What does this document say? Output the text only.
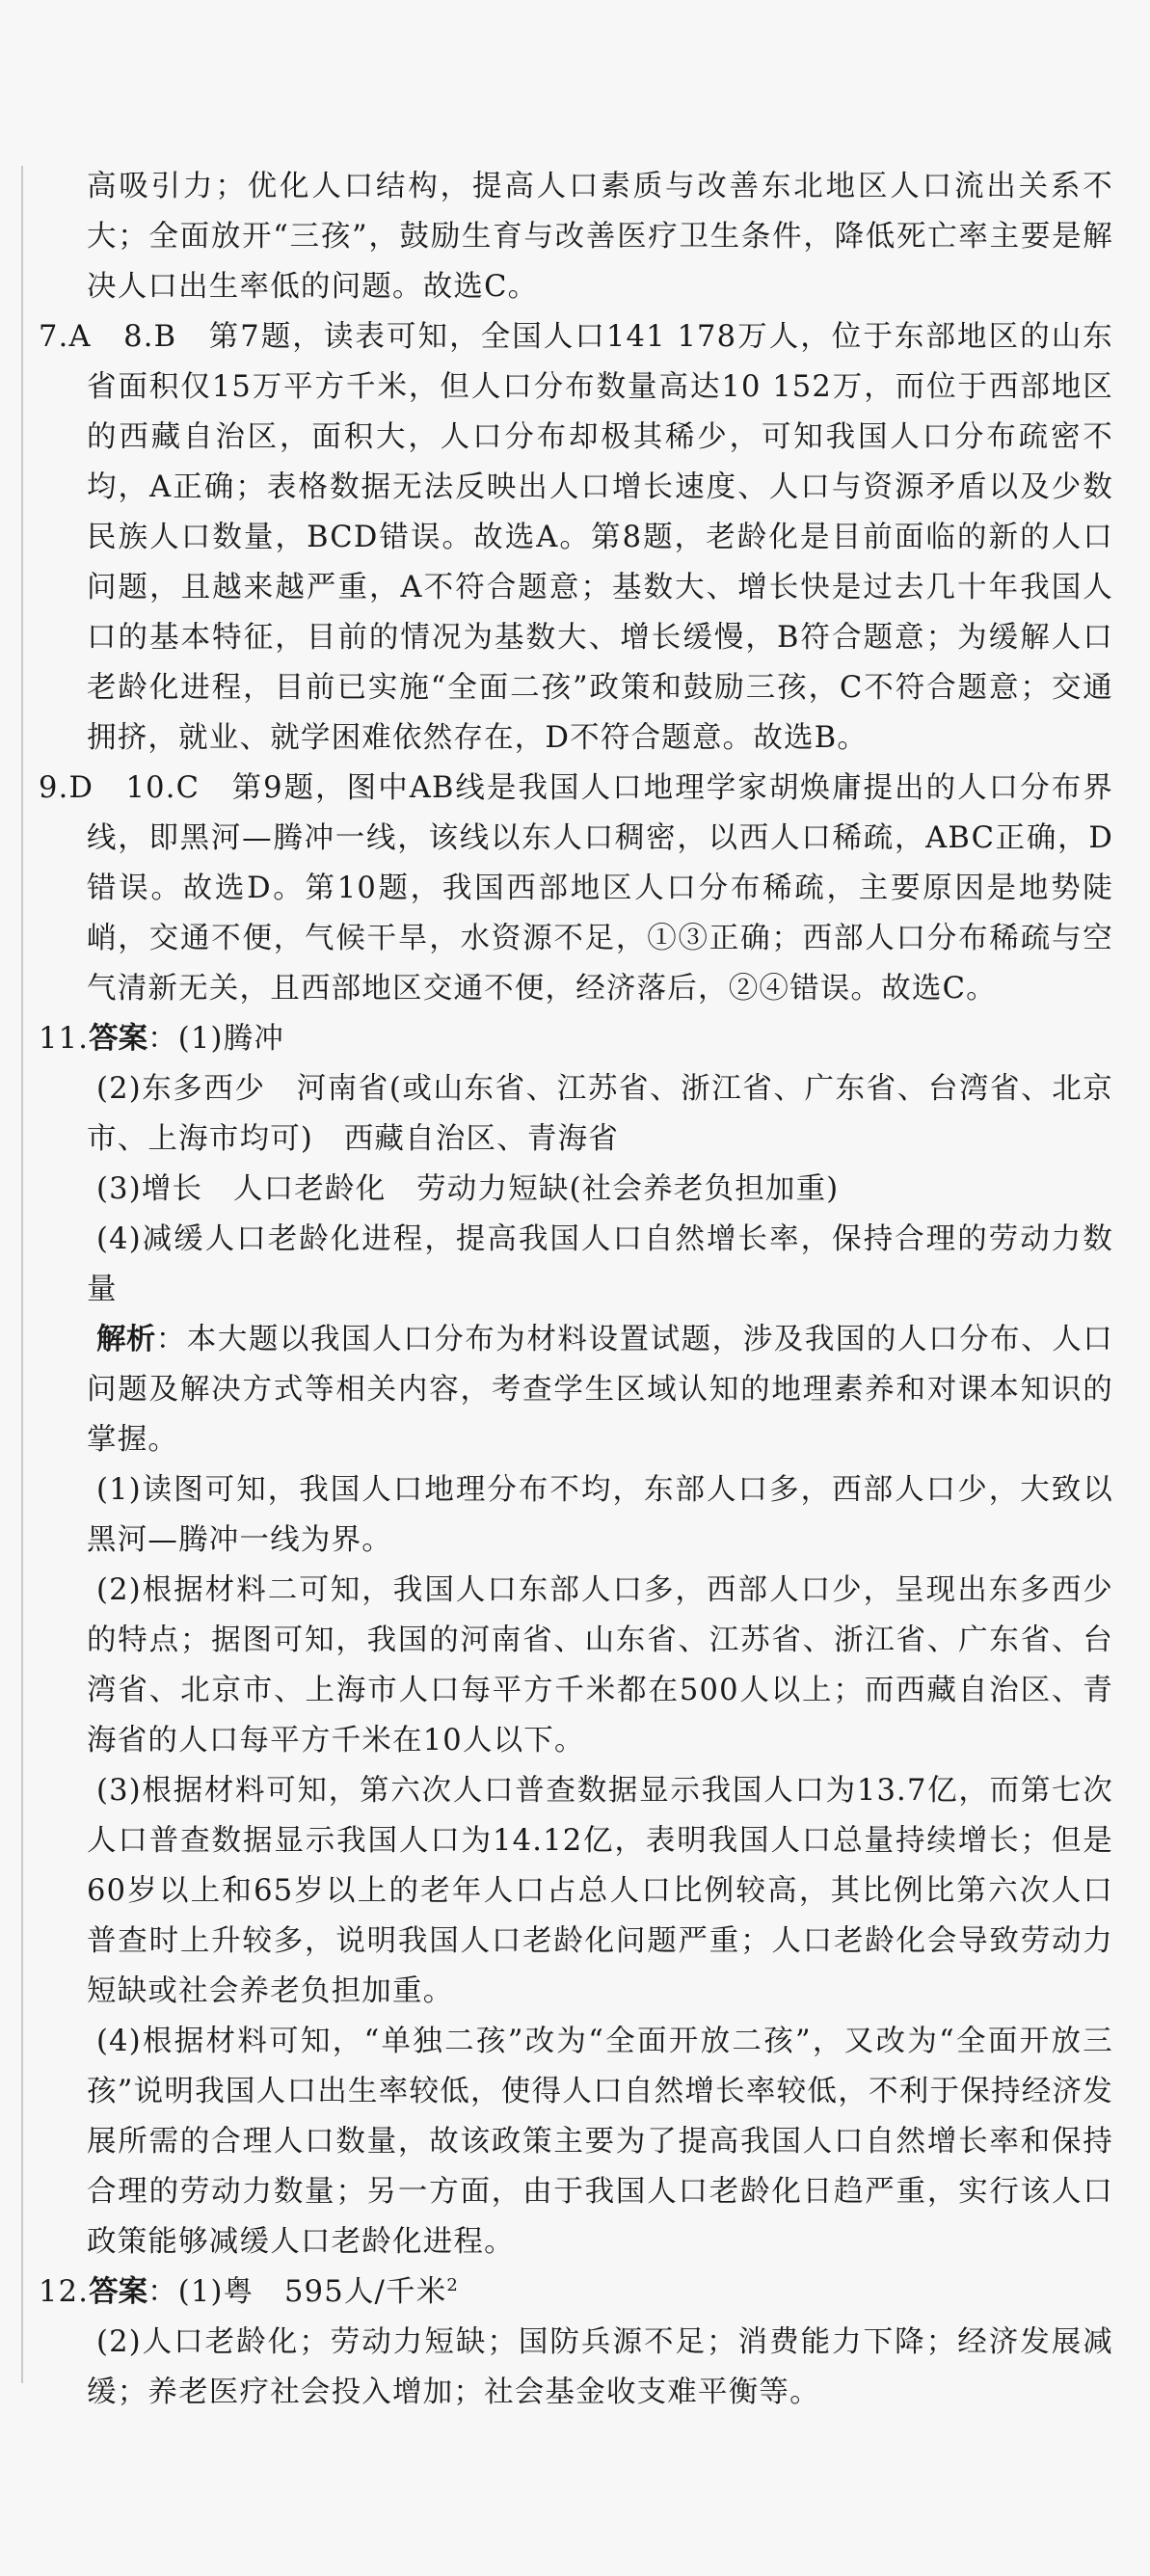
高吸引力；优化人口结构，提高人口素质与改善东北地区人口流出关系不大；全面放开“三孩”，鼓励生育与改善医疗卫生条件，降低死亡率主要是解决人口出生率低的问题。故选C。

7.A　8.B　第7题，读表可知，全国人口141 178万人，位于东部地区的山东省面积仅15万平方千米，但人口分布数量高达10 152万，而位于西部地区的西藏自治区，面积大，人口分布却极其稀少，可知我国人口分布疏密不均，A正确；表格数据无法反映出人口增长速度、人口与资源矛盾以及少数民族人口数量，BCD错误。故选A。第8题，老龄化是目前面临的新的人口问题，且越来越严重，A不符合题意；基数大、增长快是过去几十年我国人口的基本特征，目前的情况为基数大、增长缓慢，B符合题意；为缓解人口老龄化进程，目前已实施“全面二孩”政策和鼓励三孩，C不符合题意；交通拥挤，就业、就学困难依然存在，D不符合题意。故选B。

9.D　10.C　第9题，图中AB线是我国人口地理学家胡焕庸提出的人口分布界线，即黑河—腾冲一线，该线以东人口稠密，以西人口稀疏，ABC正确，D错误。故选D。第10题，我国西部地区人口分布稀疏，主要原因是地势陡峭，交通不便，气候干旱，水资源不足，①③正确；西部人口分布稀疏与空气清新无关，且西部地区交通不便，经济落后，②④错误。故选C。

11.答案：(1)腾冲

(2)东多西少　河南省(或山东省、江苏省、浙江省、广东省、台湾省、北京市、上海市均可)　西藏自治区、青海省

(3)增长　人口老龄化　劳动力短缺(社会养老负担加重)

(4)减缓人口老龄化进程，提高我国人口自然增长率，保持合理的劳动力数量

解析：本大题以我国人口分布为材料设置试题，涉及我国的人口分布、人口问题及解决方式等相关内容，考查学生区域认知的地理素养和对课本知识的掌握。

(1)读图可知，我国人口地理分布不均，东部人口多，西部人口少，大致以黑河—腾冲一线为界。

(2)根据材料二可知，我国人口东部人口多，西部人口少，呈现出东多西少的特点；据图可知，我国的河南省、山东省、江苏省、浙江省、广东省、台湾省、北京市、上海市人口每平方千米都在500人以上；而西藏自治区、青海省的人口每平方千米在10人以下。

(3)根据材料可知，第六次人口普查数据显示我国人口为13.7亿，而第七次人口普查数据显示我国人口为14.12亿，表明我国人口总量持续增长；但是60岁以上和65岁以上的老年人口占总人口比例较高，其比例比第六次人口普查时上升较多，说明我国人口老龄化问题严重；人口老龄化会导致劳动力短缺或社会养老负担加重。

(4)根据材料可知，“单独二孩”改为“全面开放二孩”，又改为“全面开放三孩”说明我国人口出生率较低，使得人口自然增长率较低，不利于保持经济发展所需的合理人口数量，故该政策主要为了提高我国人口自然增长率和保持合理的劳动力数量；另一方面，由于我国人口老龄化日趋严重，实行该人口政策能够减缓人口老龄化进程。

12.答案：(1)粤　595人/千米$^2$

(2)人口老龄化；劳动力短缺；国防兵源不足；消费能力下降；经济发展减缓；养老医疗社会投入增加；社会基金收支难平衡等。
